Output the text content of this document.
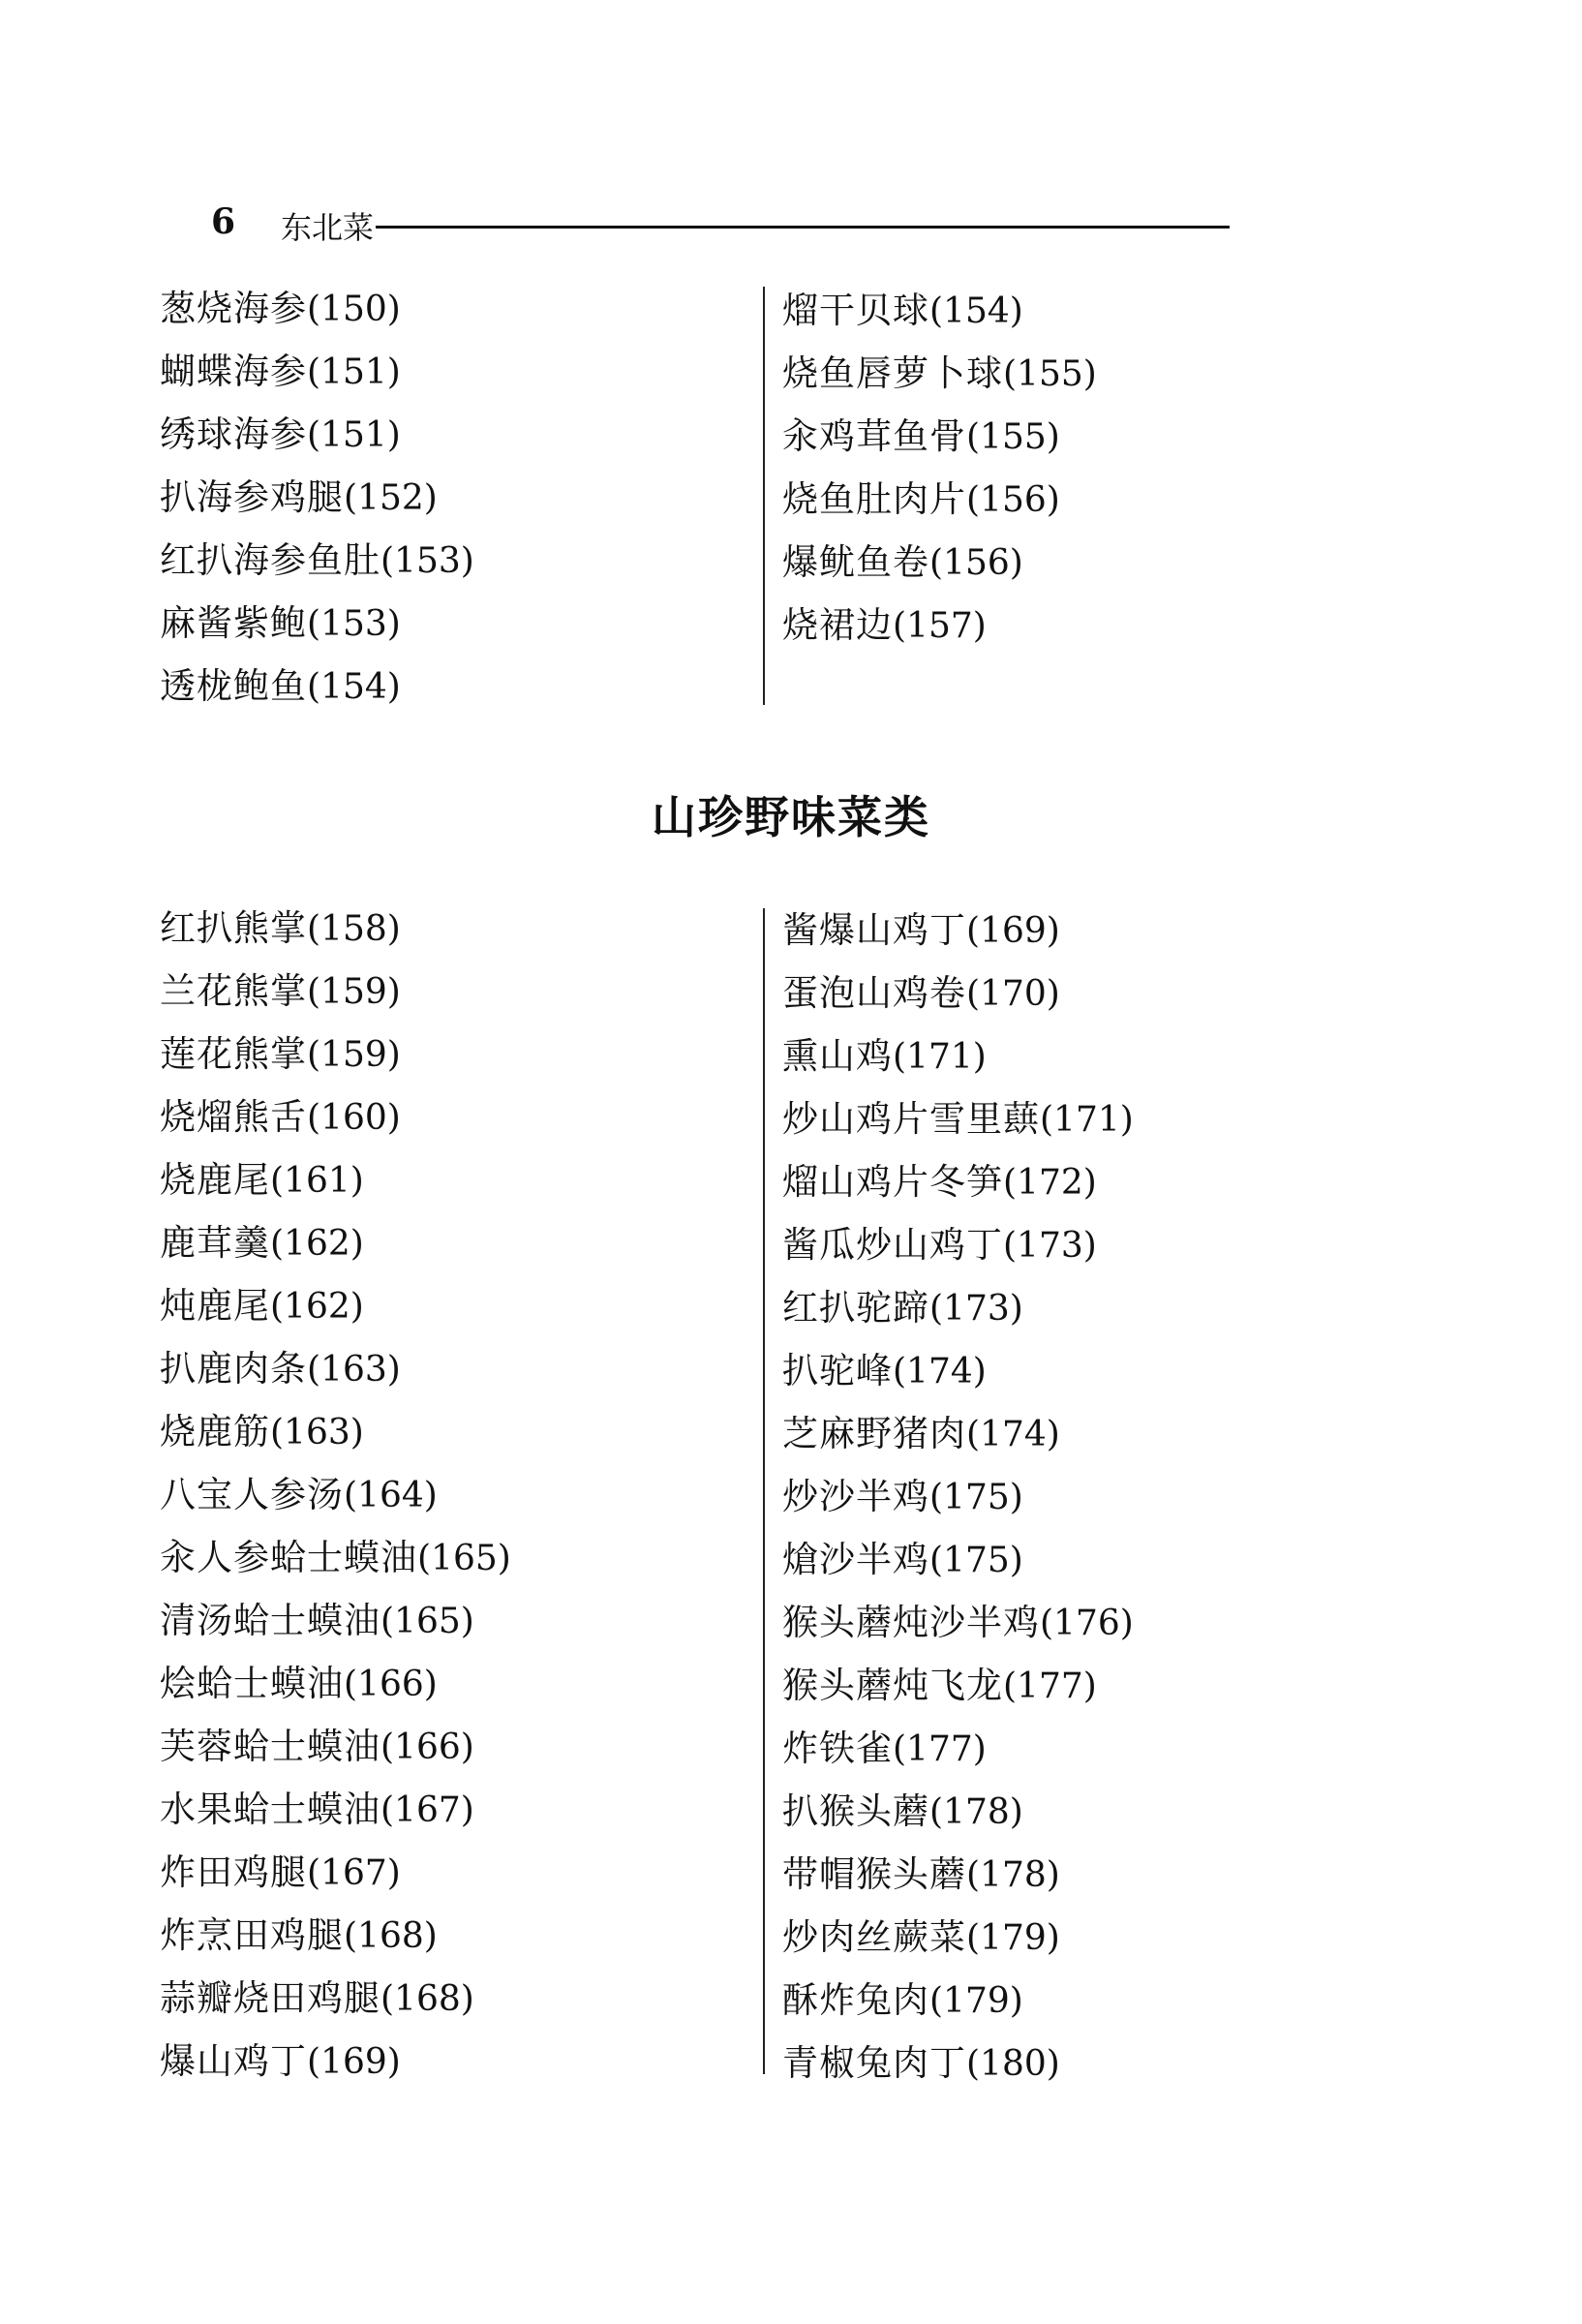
6 东北菜
葱烧海参(150)
蝴蝶海参(151)
绣球海参(151)
扒海参鸡腿(152)
红扒海参鱼肚(153)
麻酱紫鲍(153)
透栊鲍鱼(154)
熘干贝球(154)
烧鱼唇萝卜球(155)
汆鸡茸鱼骨(155)
烧鱼肚肉片(156)
爆鱿鱼卷(156)
烧裙边(157)
山珍野味菜类
红扒熊掌(158)
兰花熊掌(159)
莲花熊掌(159)
烧熘熊舌(160)
烧鹿尾(161)
鹿茸羹(162)
炖鹿尾(162)
扒鹿肉条(163)
烧鹿筋(163)
八宝人参汤(164)
汆人参蛤士蟆油(165)
清汤蛤士蟆油(165)
烩蛤士蟆油(166)
芙蓉蛤士蟆油(166)
水果蛤士蟆油(167)
炸田鸡腿(167)
炸烹田鸡腿(168)
蒜瓣烧田鸡腿(168)
爆山鸡丁(169)
酱爆山鸡丁(169)
蛋泡山鸡卷(170)
熏山鸡(171)
炒山鸡片雪里蕻(171)
熘山鸡片冬笋(172)
酱瓜炒山鸡丁(173)
红扒驼蹄(173)
扒驼峰(174)
芝麻野猪肉(174)
炒沙半鸡(175)
熗沙半鸡(175)
猴头蘑炖沙半鸡(176)
猴头蘑炖飞龙(177)
炸铁雀(177)
扒猴头蘑(178)
带帽猴头蘑(178)
炒肉丝蕨菜(179)
酥炸兔肉(179)
青椒兔肉丁(180)
